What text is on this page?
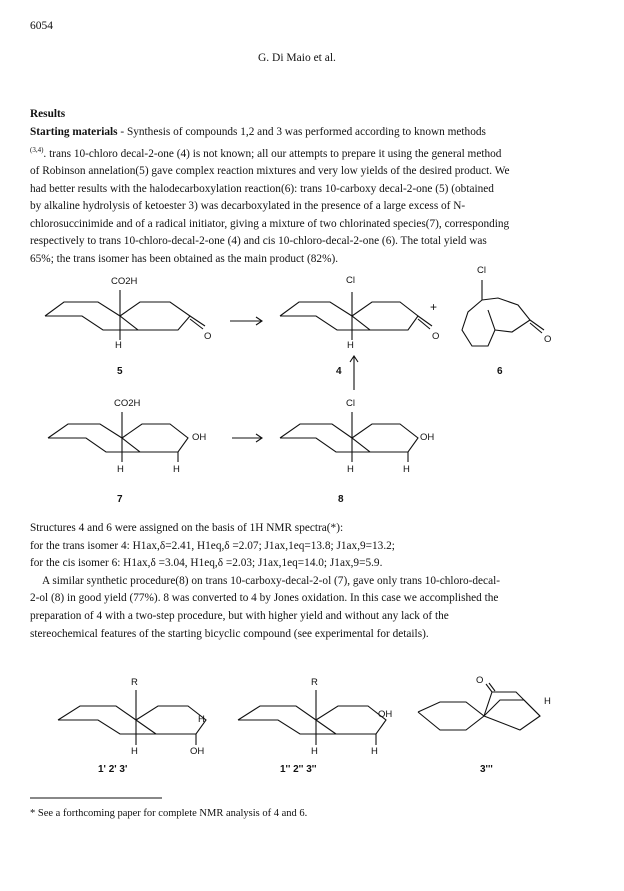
6054
G. Di Maio et al.
Results
Starting materials - Synthesis of compounds 1,2 and 3 was performed according to known methods
$^{(3,4)}$. trans 10-chloro decal-2-one (4) is not known; all our attempts to prepare it using the general method
of Robinson annelation(5) gave complex reaction mixtures and very low yields of the desired product. We
had better results with the halodecarboxylation reaction(6): trans 10-carboxy decal-2-one (5) (obtained
by alkaline hydrolysis of ketoester 3) was decarboxylated in the presence of a large excess of N-
chlorosuccinimide and of a radical initiator, giving a mixture of two chlorinated species(7), corresponding
respectively to trans 10-chloro-decal-2-one (4) and cis 10-chloro-decal-2-one (6). The total yield was
65%; the trans isomer has been obtained as the main product (82%).
CO2H	Cl
Cl
H	H
O	O	O
+
5	4	6
CO2H	Cl
OH	OH
H	H	H	H
7	8
Structures 4 and 6 were assigned on the basis of 1H NMR spectra(*):
for the trans isomer 4: H1ax,δ=2.41, H1eq,δ =2.07; J1ax,1eq=13.8; J1ax,9=13.2;
for the cis isomer 6: H1ax,δ =3.04, H1eq,δ =2.03; J1ax,1eq=14.0; J1ax,9=5.9.
A similar synthetic procedure(8) on trans 10-carboxy-decal-2-ol (7), gave only trans 10-chloro-decal-
2-ol (8) in good yield (77%). 8 was converted to 4 by Jones oxidation. In this case we accomplished the
preparation of 4 with a two-step procedure, but with higher yield and without any lack of the
stereochemical features of the starting bicyclic compound (see experimental for details).
R	R
H	OH
H	OH	H	H
O
H
1' 2' 3'	1'' 2'' 3''	3'''
* See a forthcoming paper for complete NMR analysis of 4 and 6.
